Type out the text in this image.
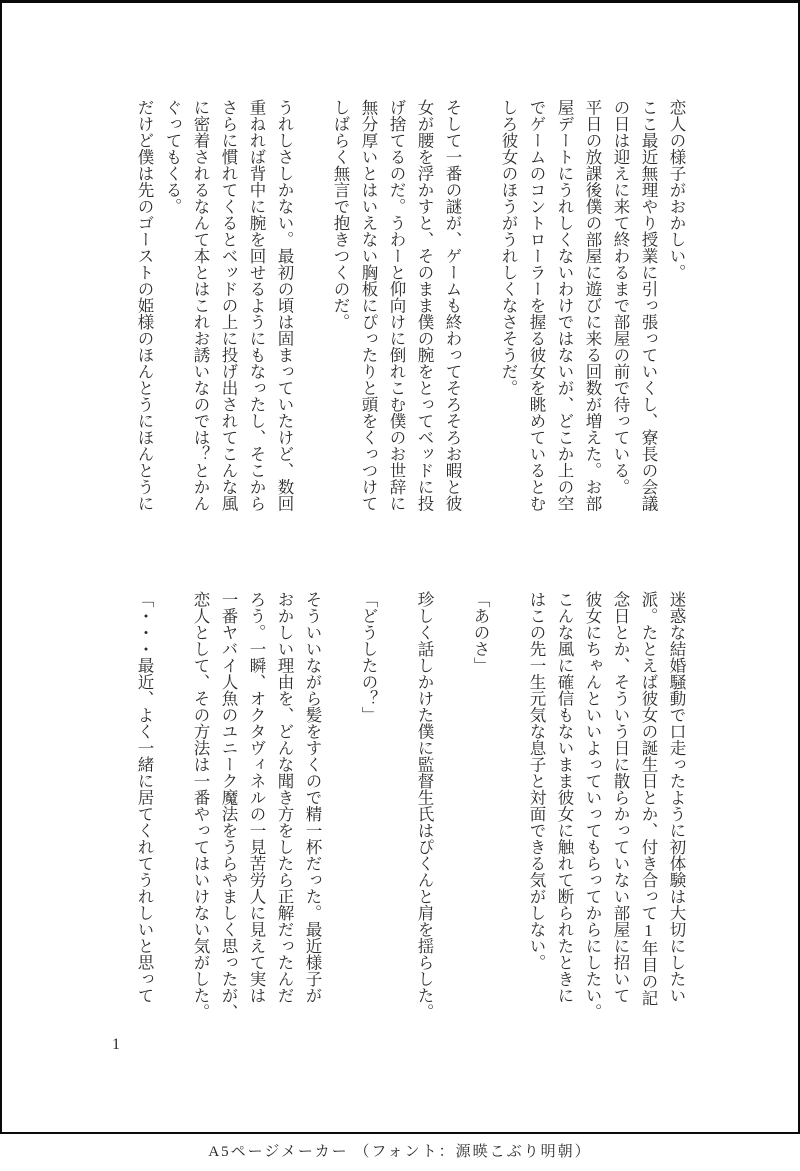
恋人の様子がおかしい。
ここ最近無理やり授業に引っ張っていくし、寮長の会議
の日は迎えに来て終わるまで部屋の前で待っている。
平日の放課後僕の部屋に遊びに来る回数が増えた。お部
屋デートにうれしくないわけではないが、どこか上の空
でゲームのコントローラーを握る彼女を眺めているとむ
しろ彼女のほうがうれしくなさそうだ。

そして一番の謎が、ゲームも終わってそろそろお暇と彼
女が腰を浮かすと、そのまま僕の腕をとってベッドに投
げ捨てるのだ。うわーと仰向けに倒れこむ僕のお世辞に
無分厚いとはいえない胸板にぴったりと頭をくっつけて
しばらく無言で抱きつくのだ。

うれしさしかない。最初の頃は固まっていたけど、数回
重ねれば背中に腕を回せるようにもなったし、そこから
さらに慣れてくるとベッドの上に投げ出されてこんな風
に密着されるなんて本とはこれお誘いなのでは？とかん
ぐってもくる。
だけど僕は先のゴーストの姫様のほんとうにほんとうに
迷惑な結婚騒動で口走ったように初体験は大切にしたい
派。たとえば彼女の誕生日とか、付き合って1年目の記
念日とか、そういう日に散らかっていない部屋に招いて
彼女にちゃんといいよっていってもらってからにしたい。
こんな風に確信もないまま彼女に触れて断られたときに
はこの先一生元気な息子と対面できる気がしない。

「あのさ」

珍しく話しかけた僕に監督生氏はぴくんと肩を揺らした。

「どうしたの？」

そういいながら髪をすくので精一杯だった。最近様子が
おかしい理由を、どんな聞き方をしたら正解だったんだ
ろう。一瞬、オクタヴィネルの一見苦労人に見えて実は
一番ヤバイ人魚のユニーク魔法をうらやましく思ったが、
恋人として、その方法は一番やってはいけない気がした。

「・・・最近、よく一緒に居てくれてうれしいと思って
1
A5ページメーカー （フォント：源暎こぶり明朝）
